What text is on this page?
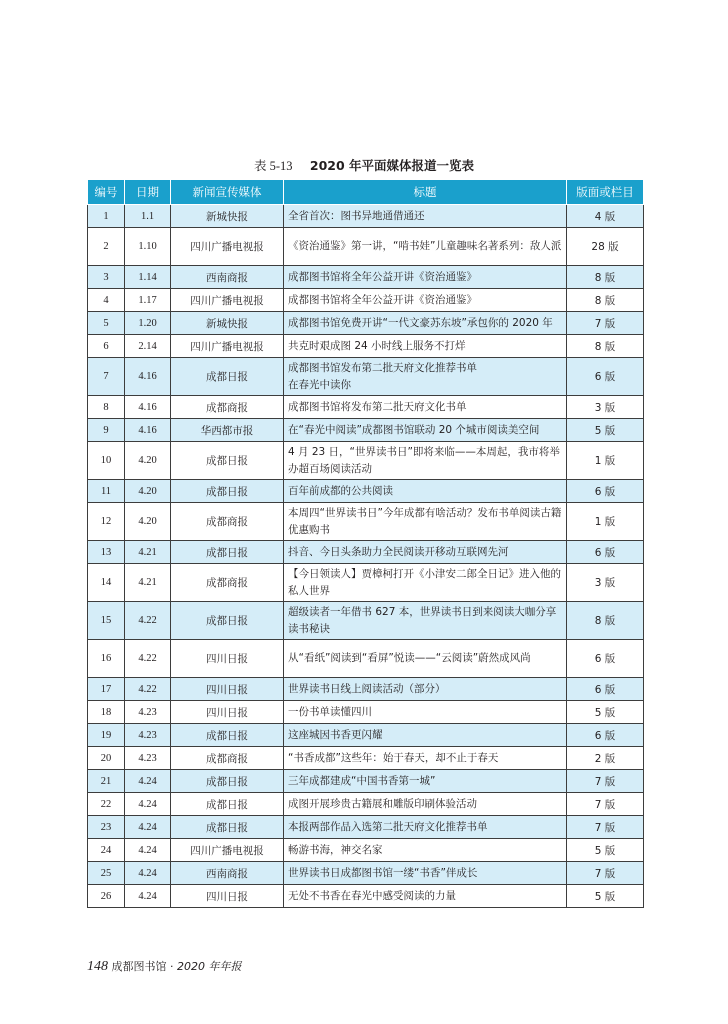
表 5-13 2020 年平面媒体报道一览表
编号	日期	新闻宣传媒体	标题	版面或栏目
1	1.1	新城快报	全省首次：图书异地通借通还	4 版
2	1.10	四川广播电视报	《资治通鉴》第一讲，“啃书娃”儿童趣味名著系列：敌人派	28 版
3	1.14	西南商报	成都图书馆将全年公益开讲《资治通鉴》	8 版
4	1.17	四川广播电视报	成都图书馆将全年公益开讲《资治通鉴》	8 版
5	1.20	新城快报	成都图书馆免费开讲“一代文豪苏东坡”承包你的 2020 年	7 版
6	2.14	四川广播电视报	共克时艰成图 24 小时线上服务不打烊	8 版
7	4.16	成都日报	成都图书馆发布第二批天府文化推荐书单
在春光中读你	6 版
8	4.16	成都商报	成都图书馆将发布第二批天府文化书单	3 版
9	4.16	华西都市报	在“春光中阅读”成都图书馆联动 20 个城市阅读美空间	5 版
10	4.20	成都日报	4 月 23 日，“世界读书日”即将来临——本周起，我市将举办超百场阅读活动	1 版
11	4.20	成都日报	百年前成都的公共阅读	6 版
12	4.20	成都商报	本周四“世界读书日”今年成都有啥活动？发布书单阅读古籍优惠购书	1 版
13	4.21	成都日报	抖音、今日头条助力全民阅读开移动互联网先河	6 版
14	4.21	成都商报	【今日领读人】贾樟柯打开《小津安二郎全日记》进入他的私人世界	3 版
15	4.22	成都日报	超级读者一年借书 627 本，世界读书日到来阅读大咖分享读书秘诀	8 版
16	4.22	四川日报	从“看纸”阅读到“看屏”悦读——“云阅读”蔚然成风尚	6 版
17	4.22	四川日报	世界读书日线上阅读活动（部分）	6 版
18	4.23	四川日报	一份书单读懂四川	5 版
19	4.23	成都日报	这座城因书香更闪耀	6 版
20	4.23	成都商报	“书香成都”这些年：始于春天，却不止于春天	2 版
21	4.24	成都日报	三年成都建成“中国书香第一城”	7 版
22	4.24	成都日报	成图开展珍贵古籍展和雕版印刷体验活动	7 版
23	4.24	成都日报	本报两部作品入选第二批天府文化推荐书单	7 版
24	4.24	四川广播电视报	畅游书海，神交名家	5 版
25	4.24	西南商报	世界读书日成都图书馆一缕“书香”伴成长	7 版
26	4.24	四川日报	无处不书香在春光中感受阅读的力量	5 版
148 成都图书馆 · 2020 年年报
